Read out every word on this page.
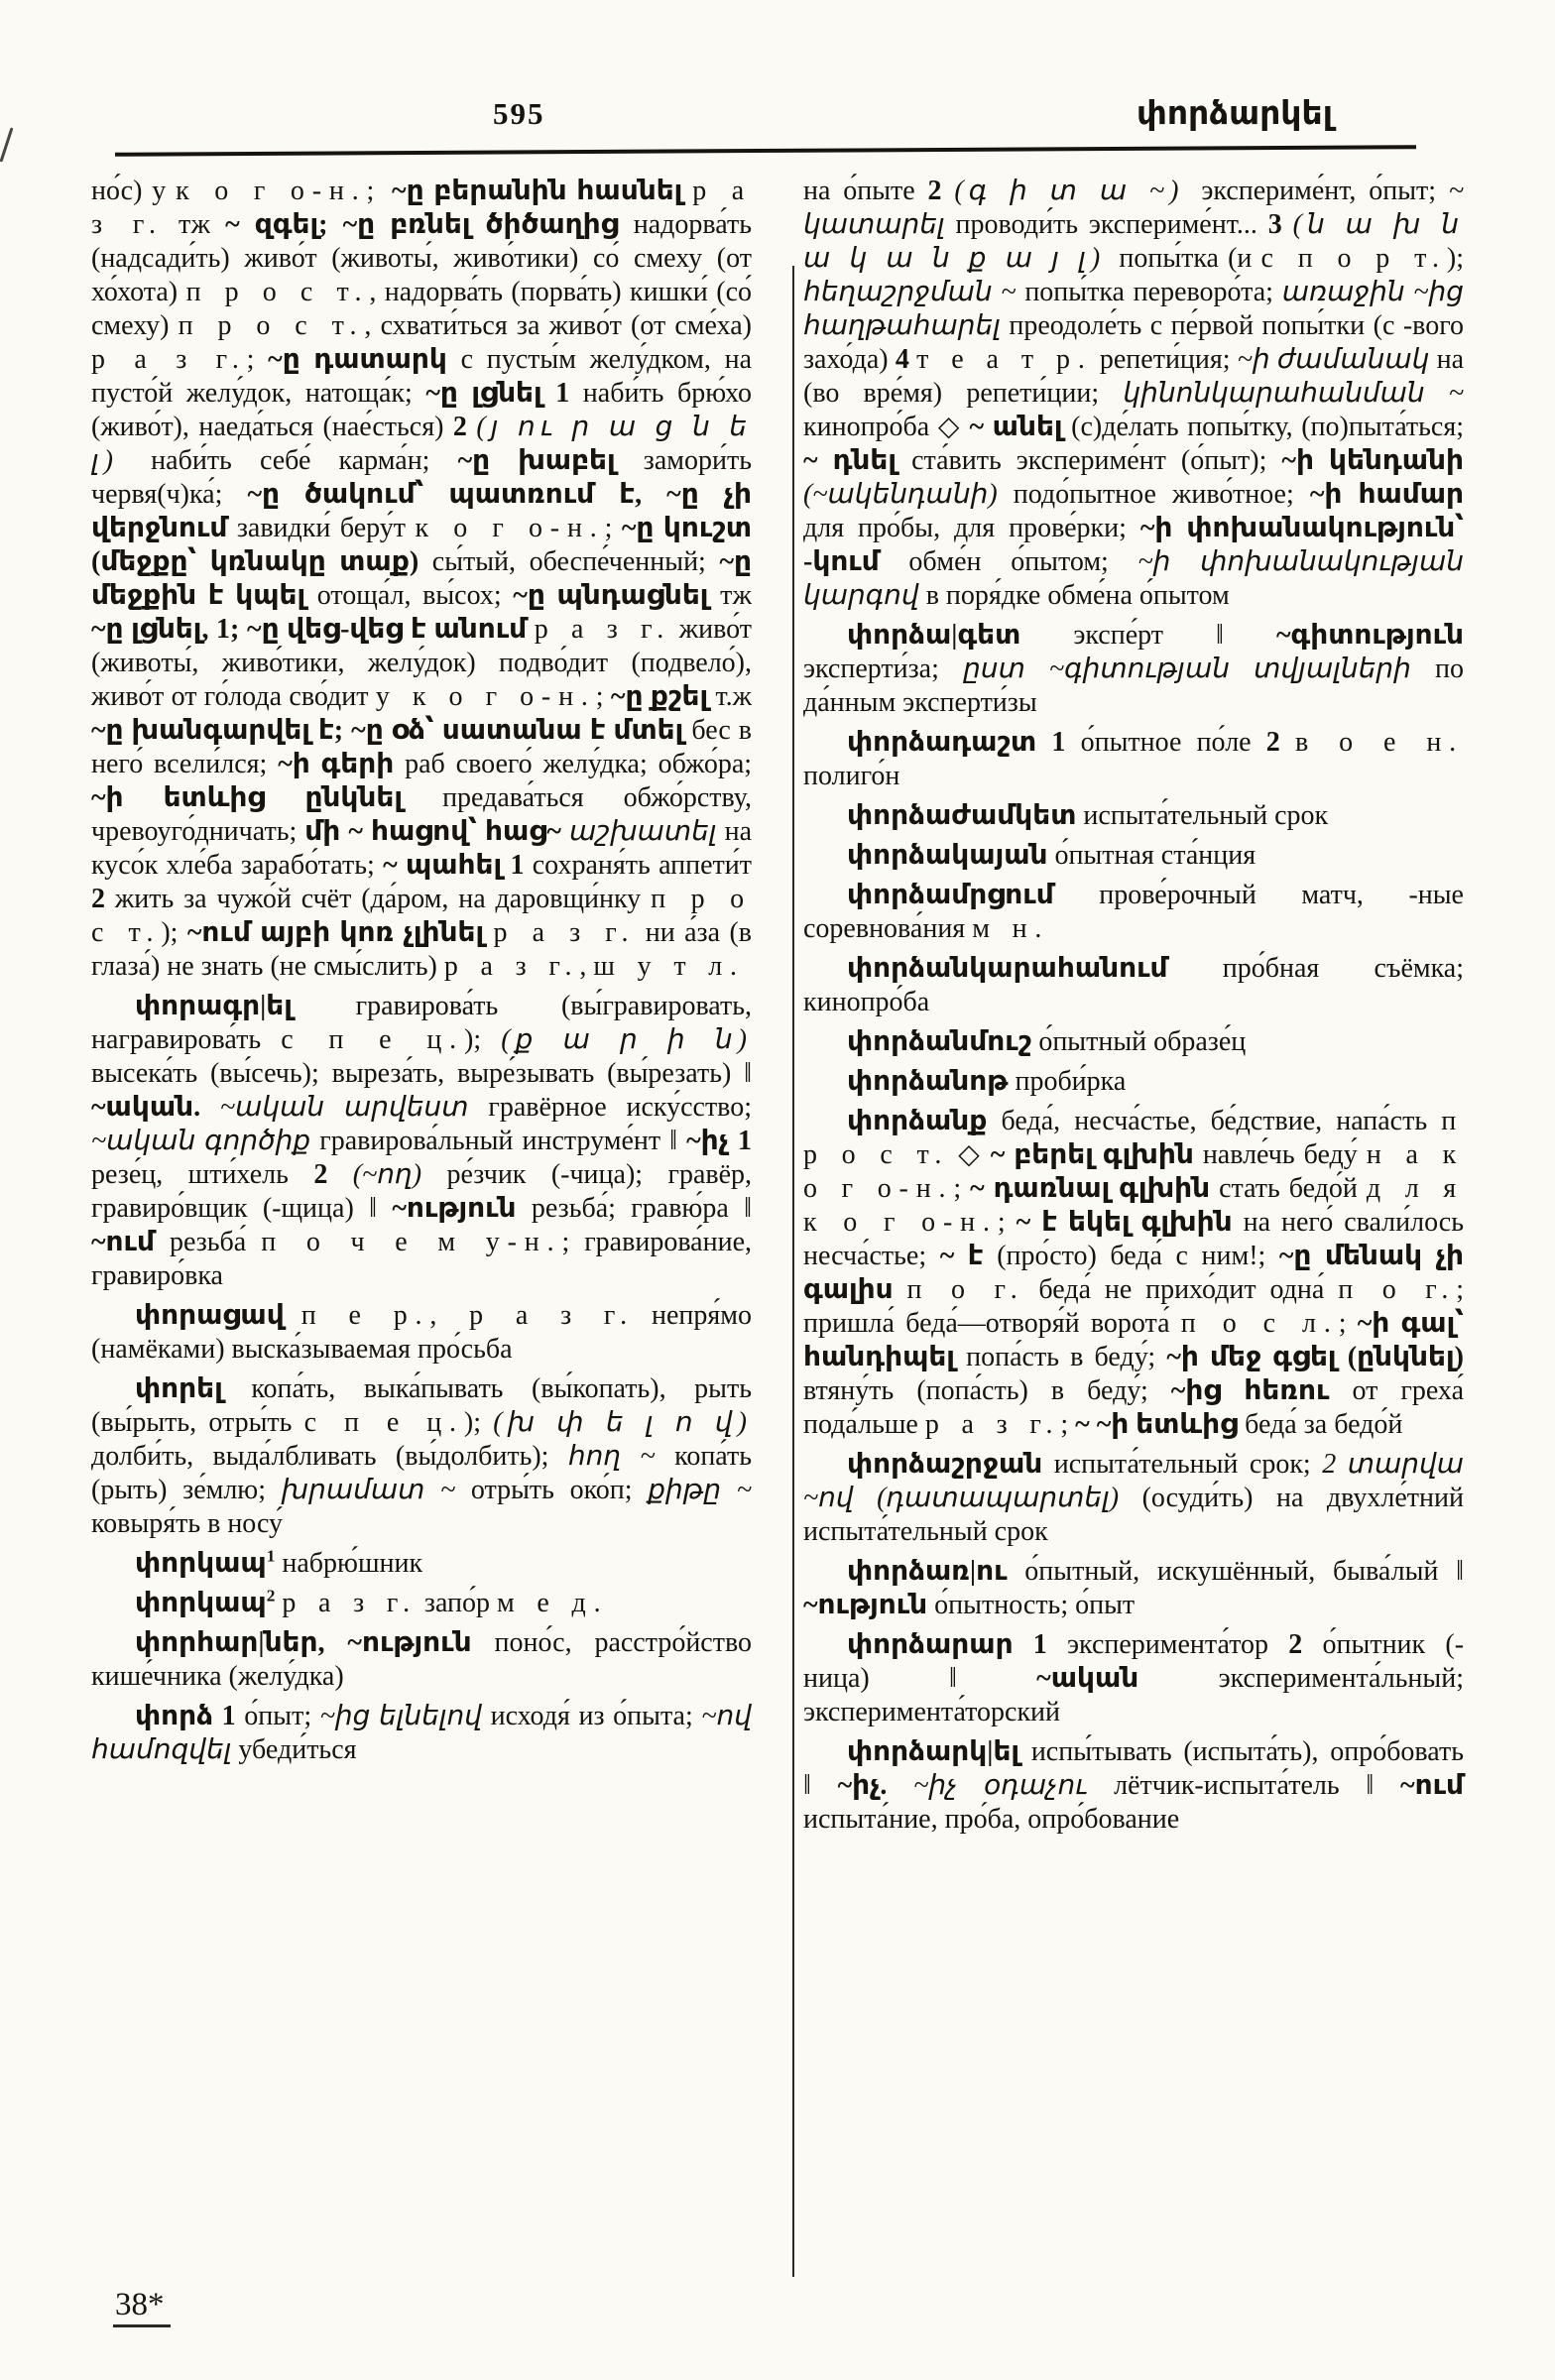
595	փորձարկել

но́с) у к о г о-н.; ~ը բերանին հասնել р а з г. тж ~ զգել; ~ը բռնել ծիծաղից надорва́ть (надсади́ть) живо́т (животы́, живо́тики) со́ смеху (от хо́хота) п р о с т., надорва́ть (порва́ть) кишки́ (со́ смеху) п р о с т., схвати́ться за живо́т (от сме́ха) р а з г.; ~ը դատարկ с пусты́м желу́дком, на пусто́й желу́док, натоща́к; ~ը լցնել 1 наби́ть брю́хо (живо́т), наеда́ться (нае́сться) 2 (յ ու ր ա ց ն ե լ) наби́ть себе́ карма́н; ~ը խաբել замори́ть червя(ч)ка́; ~ը ծակում՝ պատռում է, ~ը չի վերջնում завидки́ беру́т к о г о-н.; ~ը կուշտ (մեջքը՝ կռնակը տաք) сы́тый, обеспе́ченный; ~ը մեջքին է կպել отоща́л, вы́сох; ~ը պնդացնել тж ~ը լցնել, 1; ~ը վեց-վեց է անում р а з г. живо́т (животы́, живо́тики, желу́док) подво́дит (подвело́), живо́т от го́лода сво́дит у к о г о-н.; ~ը քշել т.ж ~ը խանգարվել է; ~ը օձ՝ սատանա է մտել бес в него́ всели́лся; ~ի գերի раб своего́ желу́дка; обжо́ра; ~ի ետևից ընկնել предава́ться обжо́рству, чревоуго́дничать; մի ~ հացով՝ հաց~ աշխատել на кусо́к хле́ба зарабо́тать; ~ պահել 1 сохраня́ть аппети́т 2 жить за чужо́й счёт (да́ром, на даровщи́нку п р о с т.); ~ում այբի կոռ չլինել р а з г. ни а́за (в глаза́) не знать (не смы́слить) р а з г., ш у т л.

փորագր|ել гравирова́ть (вы́гравировать, награвирова́ть с п е ц.); (ք ա ր ի ն) высека́ть (вы́сечь); выреза́ть, выре́зывать (вы́резать) ‖ ~ական. ~ական արվեստ гравёрное иску́сство; ~ական գործիք гравирова́льный инструме́нт ‖ ~իչ 1 резе́ц, шти́хель 2 (~ող) ре́зчик (-чица); гравёр, гравиро́вщик (-щица) ‖ ~ություն резьба́; гравю́ра ‖ ~ում резьба́ п о ч е м у-н.; гравирова́ние, гравиро́вка

փորացավ п е р., р а з г. непря́мо (намёками) выска́зываемая про́сьба

փորել копа́ть, выка́пывать (вы́копать), рыть (вы́рыть, отры́ть с п е ц.); (խ փ ե լ ո վ) долби́ть, выда́лбливать (вы́долбить); հող ~ копа́ть (рыть) зе́млю; խրամատ ~ отры́ть око́п; քիթը ~ ковыря́ть в носу́

փորկապ$^1$ набрю́шник

փորկապ$^2$ р а з г. запо́р м е д.

փորհար|ներ, ~ություն поно́с, расстро́йство кише́чника (желу́дка)

փորձ 1 о́пыт; ~ից ելնելով исходя́ из о́пыта; ~ով համոզվել убеди́ться

на о́пыте 2 (գ ի տ ա ~) экспериме́нт, о́пыт; ~ կատարել проводи́ть экспериме́нт... 3 (ն ա խ ն ա կ ա ն ք ա յ լ) попы́тка (и с п о р т.); հեղաշրջման ~ попы́тка переворо́та; առաջին ~ից հաղթահարել преодоле́ть с пе́рвой попы́тки (с -вого захо́да) 4 т е а т р. репети́ция; ~ի ժամանակ на (во вре́мя) репети́ции; կինոնկարահանման ~ кинопро́ба ◇ ~ անել (с)де́лать попы́тку, (по)пыта́ться; ~ դնել ста́вить экспериме́нт (о́пыт); ~ի կենդանի (~ակենդանի) подо́пытное живо́тное; ~ի համար для про́бы, для прове́рки; ~ի փոխանակություն՝ -կում обме́н о́пытом; ~ի փոխանակության կարգով в поря́дке обме́на о́пытом

փորձա|գետ экспе́рт ‖ ~գիտություն эксперти́за; ըստ ~գիտության տվյալների по да́нным эксперти́зы

փորձադաշտ 1 о́пытное по́ле 2 в о е н. полиго́н

փորձաժամկետ испыта́тельный срок

փորձակայան о́пытная ста́нция

փորձամրցում прове́рочный матч, -ные соревнова́ния м н.

փորձանկարահանում про́бная съёмка; кинопро́ба

փորձանմուշ о́пытный образе́ц

փորձանոթ проби́рка

փորձանք беда́, несча́стье, бе́дствие, напа́сть п р о с т. ◇ ~ բերել գլխին навле́чь беду́ н а к о г о-н.; ~ դառնալ գլխին стать бедо́й д л я к о г о-н.; ~ է եկել գլխին на него́ свали́лось несча́стье; ~ է (про́сто) беда́ с ним!; ~ը մենակ չի գալիս п о г. беда́ не прихо́дит одна́ п о г.; пришла́ беда́—отворя́й ворота́ п о с л.; ~ի գալ՝ հանդիպել попа́сть в беду́; ~ի մեջ գցել (ընկնել) втяну́ть (попа́сть) в беду́; ~ից հեռու от греха́ пода́льше р а з г.; ~ ~ի ետևից беда́ за бедо́й

փորձաշրջան испыта́тельный срок; 2 տարվա ~ով (դատապարտել) (осуди́ть) на двухле́тний испыта́тельный срок

փորձառ|ու о́пытный, искушённый, быва́лый ‖ ~ություն о́пытность; о́пыт

փորձարար 1 эксперимента́тор 2 о́пытник (-ница) ‖ ~ական эксперимента́льный; эксперимента́торский

փորձարկ|ել испы́тывать (испыта́ть), опро́бовать ‖ ~իչ. ~իչ օդաչու лётчик-испыта́тель ‖ ~ում испыта́ние, про́ба, опро́бование

38*
